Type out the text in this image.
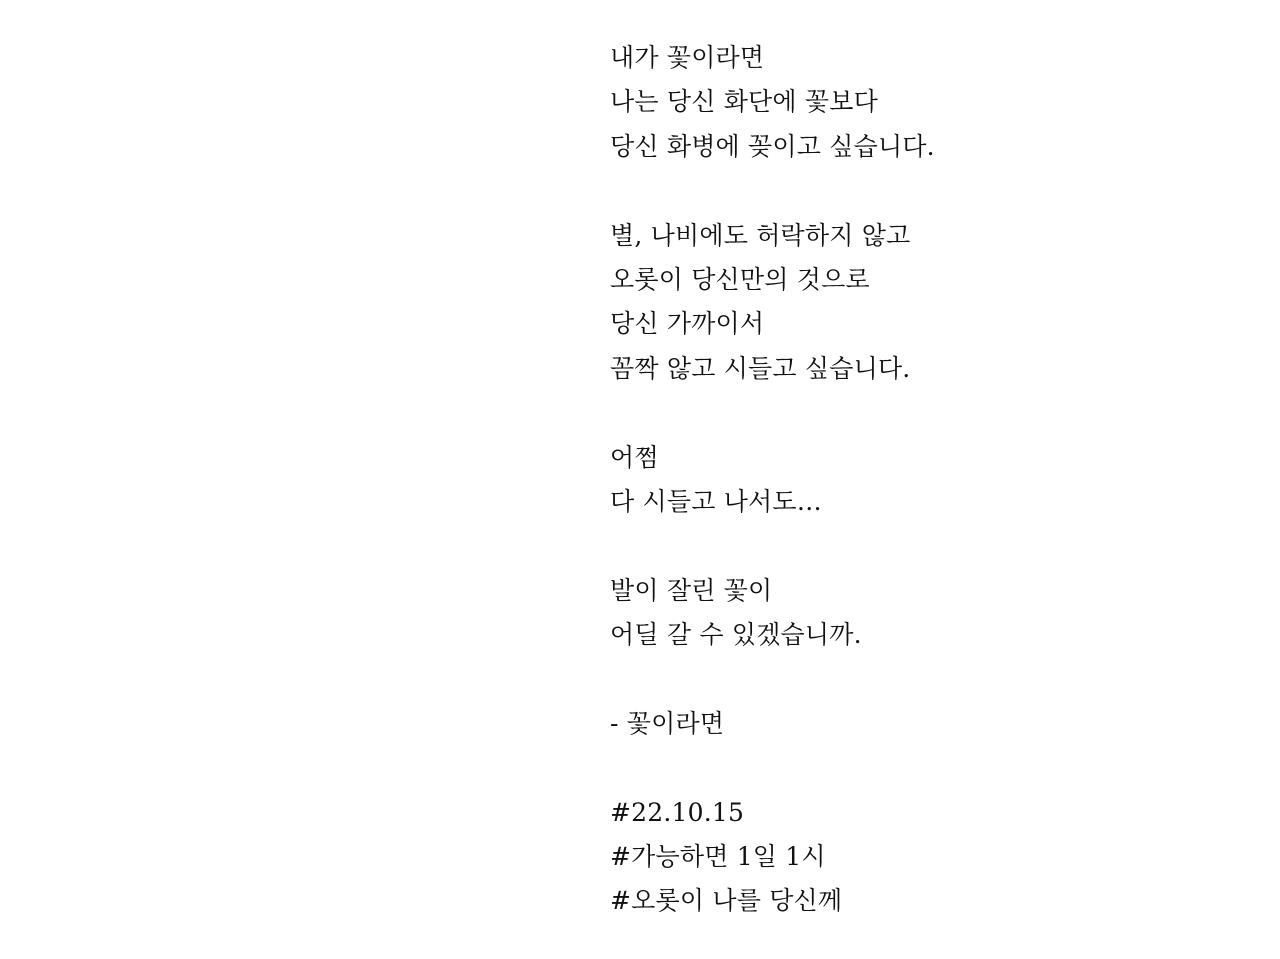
내가 꽃이라면
나는 당신 화단에 꽃보다
당신 화병에 꽂이고 싶습니다.
별, 나비에도 허락하지 않고
오롯이 당신만의 것으로
당신 가까이서
꼼짝 않고 시들고 싶습니다.
어쩜
다 시들고 나서도…
발이 잘린 꽃이
어딜 갈 수 있겠습니까.
- 꽃이라면
#22.10.15
#가능하면 1일 1시
#오롯이 나를 당신께
